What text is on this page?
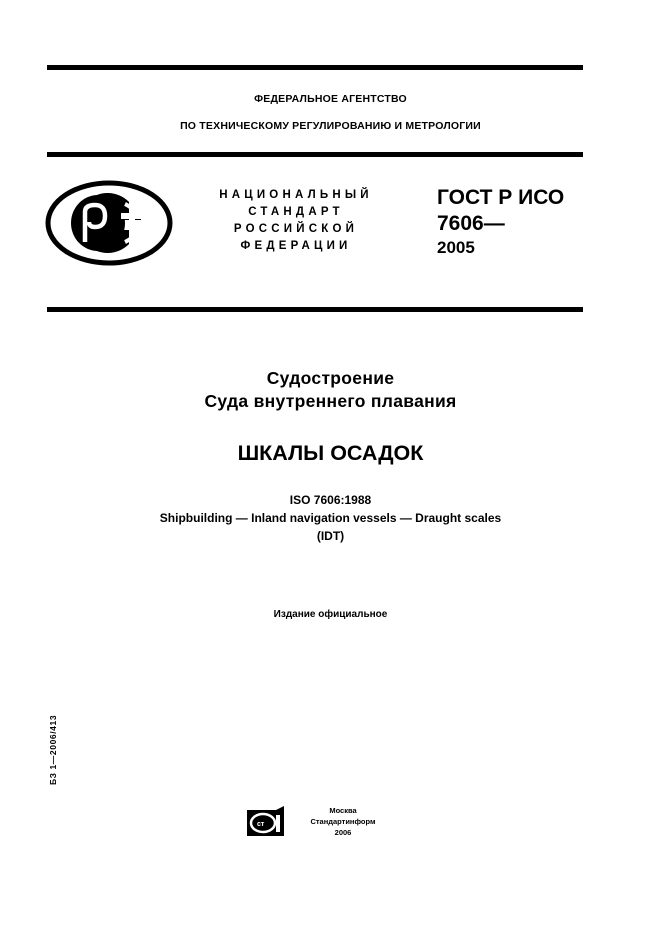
ФЕДЕРАЛЬНОЕ АГЕНТСТВО
ПО ТЕХНИЧЕСКОМУ РЕГУЛИРОВАНИЮ И МЕТРОЛОГИИ
НАЦИОНАЛЬНЫЙ
СТАНДАРТ
РОССИЙСКОЙ
ФЕДЕРАЦИИ
ГОСТ Р ИСО
7606—
2005
Судостроение
Суда внутреннего плавания
ШКАЛЫ ОСАДОК
ISO 7606:1988
Shipbuilding — Inland navigation vessels — Draught scales
(IDT)
Издание официальное
БЗ 1—2006/413
ст
Москва
Стандартинформ
2006
